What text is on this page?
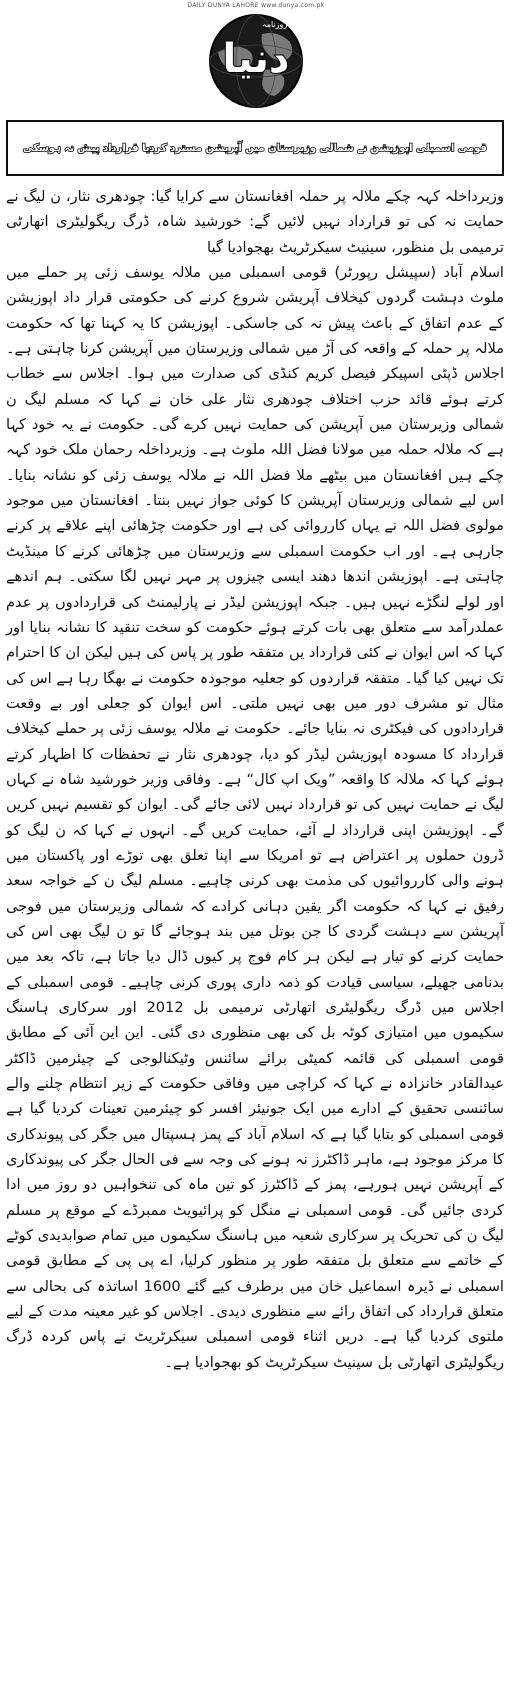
DAILY DUNYA LAHORE www.dunya.com.pk
دنیا
روزنامہ
قومی اسمبلی اپوزیشن نے شمالی وزیرستان میں آپریشن مسترد کردیا قرارداد پیش نہ ہوسکی

وزیرداخلہ کہہ چکے ملالہ پر حملہ افغانستان سے کرایا گیا: چودھری نثار، ن لیگ نے حمایت نہ کی تو قرارداد نہیں لائیں گے: خورشید شاہ، ڈرگ ریگولیٹری اتھارٹی ترمیمی بل منظور، سینیٹ سیکرٹریٹ بھجوادیا گیا

اسلام آباد (سپیشل رپورٹر) قومی اسمبلی میں ملالہ یوسف زئی پر حملے میں ملوث دہشت گردوں کیخلاف آپریشن شروع کرنے کی حکومتی قرار داد اپوزیشن کے عدم اتفاق کے باعث پیش نہ کی جاسکی۔ اپوزیشن کا یہ کہنا تھا کہ حکومت ملالہ پر حملہ کے واقعہ کی آڑ میں شمالی وزیرستان میں آپریشن کرنا چاہتی ہے۔ اجلاس ڈپٹی اسپیکر فیصل کریم کنڈی کی صدارت میں ہوا۔ اجلاس سے خطاب کرتے ہوئے قائد حزب اختلاف چودھری نثار علی خان نے کہا کہ مسلم لیگ ن شمالی وزیرستان میں آپریشن کی حمایت نہیں کرے گی۔ حکومت نے یہ خود کہا ہے کہ ملالہ حملہ میں مولانا فضل اللہ ملوث ہے۔ وزیرداخلہ رحمان ملک خود کہہ چکے ہیں افغانستان میں بیٹھے ملا فضل اللہ نے ملالہ یوسف زئی کو نشانہ بنایا۔ اس لیے شمالی وزیرستان آپریشن کا کوئی جواز نہیں بنتا۔ افغانستان میں موجود مولوی فضل اللہ نے یہاں کارروائی کی ہے اور حکومت چڑھائی اپنے علاقے پر کرنے جارہی ہے۔ اور اب حکومت اسمبلی سے وزیرستان میں چڑھائی کرنے کا مینڈیٹ چاہتی ہے۔ اپوزیشن اندھا دھند ایسی چیزوں پر مہر نہیں لگا سکتی۔ ہم اندھے اور لولے لنگڑے نہیں ہیں۔ جبکہ اپوزیشن لیڈر نے پارلیمنٹ کی قراردادوں پر عدم عملدرآمد سے متعلق بھی بات کرتے ہوئے حکومت کو سخت تنقید کا نشانہ بنایا اور کہا کہ اس ایوان نے کئی قرارداد یں متفقہ طور پر پاس کی ہیں لیکن ان کا احترام تک نہیں کیا گیا۔ متفقہ قراردوں کو جعلیہ موجودہ حکومت نے بھگا رہا ہے اس کی مثال تو مشرف دور میں بھی نہیں ملتی۔ اس ایوان کو جعلی اور بے وقعت قراردادوں کی فیکٹری نہ بنایا جائے۔ حکومت نے ملالہ یوسف زئی پر حملے کیخلاف قرارداد کا مسودہ اپوزیشن لیڈر کو دیا، چودھری نثار نے تحفظات کا اظہار کرتے ہوئے کہا کہ ملالہ کا واقعہ ”ویک اپ کال“ ہے۔ وفاقی وزیر خورشید شاہ نے کہاں لیگ نے حمایت نہیں کی تو قرارداد نہیں لائی جائے گی۔ ایوان کو تقسیم نہیں کریں گے۔ اپوزیشن اپنی قرارداد لے آئے، حمایت کریں گے۔ انہوں نے کہا کہ ن لیگ کو ڈرون حملوں پر اعتراض ہے تو امریکا سے اپنا تعلق بھی توڑے اور پاکستان میں ہونے والی کارروائیوں کی مذمت بھی کرنی چاہیے۔ مسلم لیگ ن کے خواجہ سعد رفیق نے کہا کہ حکومت اگر یقین دہانی کرادے کہ شمالی وزیرستان میں فوجی آپریشن سے دہشت گردی کا جن بوتل میں بند ہوجائے گا تو ن لیگ بھی اس کی حمایت کرنے کو تیار ہے لیکن ہر کام فوج پر کیوں ڈال دیا جاتا ہے، تاکہ بعد میں بدنامی جھیلے، سیاسی قیادت کو ذمہ داری پوری کرنی چاہیے۔ قومی اسمبلی کے اجلاس میں ڈرگ ریگولیٹری اتھارٹی ترمیمی بل 2012 اور سرکاری ہاسنگ سکیموں میں امتیازی کوٹہ بل کی بھی منظوری دی گئی۔ این این آئی کے مطابق قومی اسمبلی کی قائمہ کمیٹی برائے سائنس وٹیکنالوجی کے چیئرمین ڈاکٹر عبدالقادر خانزادہ نے کہا کہ کراچی میں وفاقی حکومت کے زیر انتظام چلنے والے سائنسی تحقیق کے ادارے میں ایک جونیئر افسر کو چیئرمین تعینات کردیا گیا ہے قومی اسمبلی کو بتایا گیا ہے کہ اسلام آباد کے پمز ہسپتال میں جگر کی پیوندکاری کا مرکز موجود ہے، ماہر ڈاکٹرز نہ ہونے کی وجہ سے فی الحال جگر کی پیوندکاری کے آپریشن نہیں ہورہے، پمز کے ڈاکٹرز کو تین ماہ کی تنخواہیں دو روز میں ادا کردی جائیں گی۔ قومی اسمبلی نے منگل کو پرائیویٹ ممبرڈے کے موقع پر مسلم لیگ ن کی تحریک پر سرکاری شعبہ میں ہاسنگ سکیموں میں تمام صوابدیدی کوٹے کے خاتمے سے متعلق بل متفقہ طور پر منظور کرلیا، اے پی پی کے مطابق قومی اسمبلی نے ڈیرہ اسماعیل خان میں برطرف کیے گئے 1600 اساتذہ کی بحالی سے متعلق قرارداد کی اتفاق رائے سے منظوری دیدی۔ اجلاس کو غیر معینہ مدت کے لیے ملتوی کردیا گیا ہے۔ دریں اثناء قومی اسمبلی سیکرٹریٹ نے پاس کردہ ڈرگ ریگولیٹری اتھارٹی بل سینیٹ سیکرٹریٹ کو بھجوادیا ہے۔
